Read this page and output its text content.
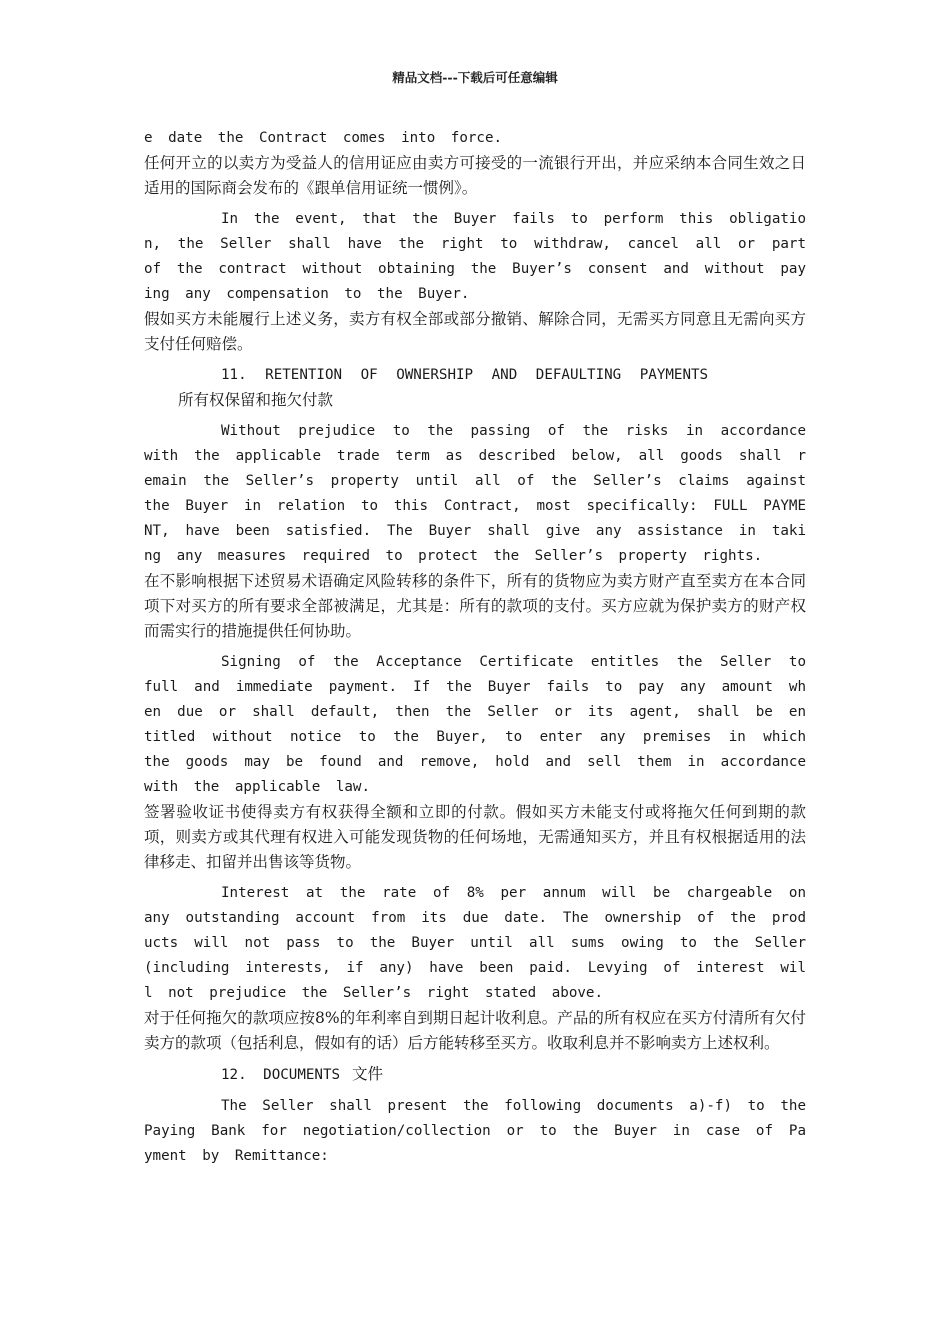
精品文档---下载后可任意编辑

e date the Contract comes into force.

任何开立的以卖方为受益人的信用证应由卖方可接受的一流银行开出，并应采纳本合同生效之日适用的国际商会发布的《跟单信用证统一惯例》。

In the event, that the Buyer fails to perform this obligation, the Seller shall have the right to withdraw, cancel all or part of the contract without obtaining the Buyer’s consent and without paying any compensation to the Buyer.

假如买方未能履行上述义务，卖方有权全部或部分撤销、解除合同，无需买方同意且无需向买方支付任何赔偿。

11. RETENTION OF OWNERSHIP AND DEFAULTING PAYMENTS

所有权保留和拖欠付款

Without prejudice to the passing of the risks in accordance with the applicable trade term as described below, all goods shall remain the Seller’s property until all of the Seller’s claims against the Buyer in relation to this Contract, most specifically: FULL PAYMENT, have been satisfied. The Buyer shall give any assistance in taking any measures required to protect the Seller’s property rights.

在不影响根据下述贸易术语确定风险转移的条件下，所有的货物应为卖方财产直至卖方在本合同项下对买方的所有要求全部被满足，尤其是：所有的款项的支付。买方应就为保护卖方的财产权而需实行的措施提供任何协助。

Signing of the Acceptance Certificate entitles the Seller to full and immediate payment. If the Buyer fails to pay any amount when due or shall default, then the Seller or its agent, shall be entitled without notice to the Buyer, to enter any premises in which the goods may be found and remove, hold and sell them in accordance with the applicable law.

签署验收证书使得卖方有权获得全额和立即的付款。假如买方未能支付或将拖欠任何到期的款项，则卖方或其代理有权进入可能发现货物的任何场地，无需通知买方，并且有权根据适用的法律移走、扣留并出售该等货物。

Interest at the rate of 8% per annum will be chargeable on any outstanding account from its due date. The ownership of the products will not pass to the Buyer until all sums owing to the Seller (including interests, if any) have been paid. Levying of interest will not prejudice the Seller’s right stated above.

对于任何拖欠的款项应按8%的年利率自到期日起计收利息。产品的所有权应在买方付清所有欠付卖方的款项（包括利息，假如有的话）后方能转移至买方。收取利息并不影响卖方上述权利。

12. DOCUMENTS 文件

The Seller shall present the following documents a)-f) to the Paying Bank for negotiation/collection or to the Buyer in case of Payment by Remittance:
